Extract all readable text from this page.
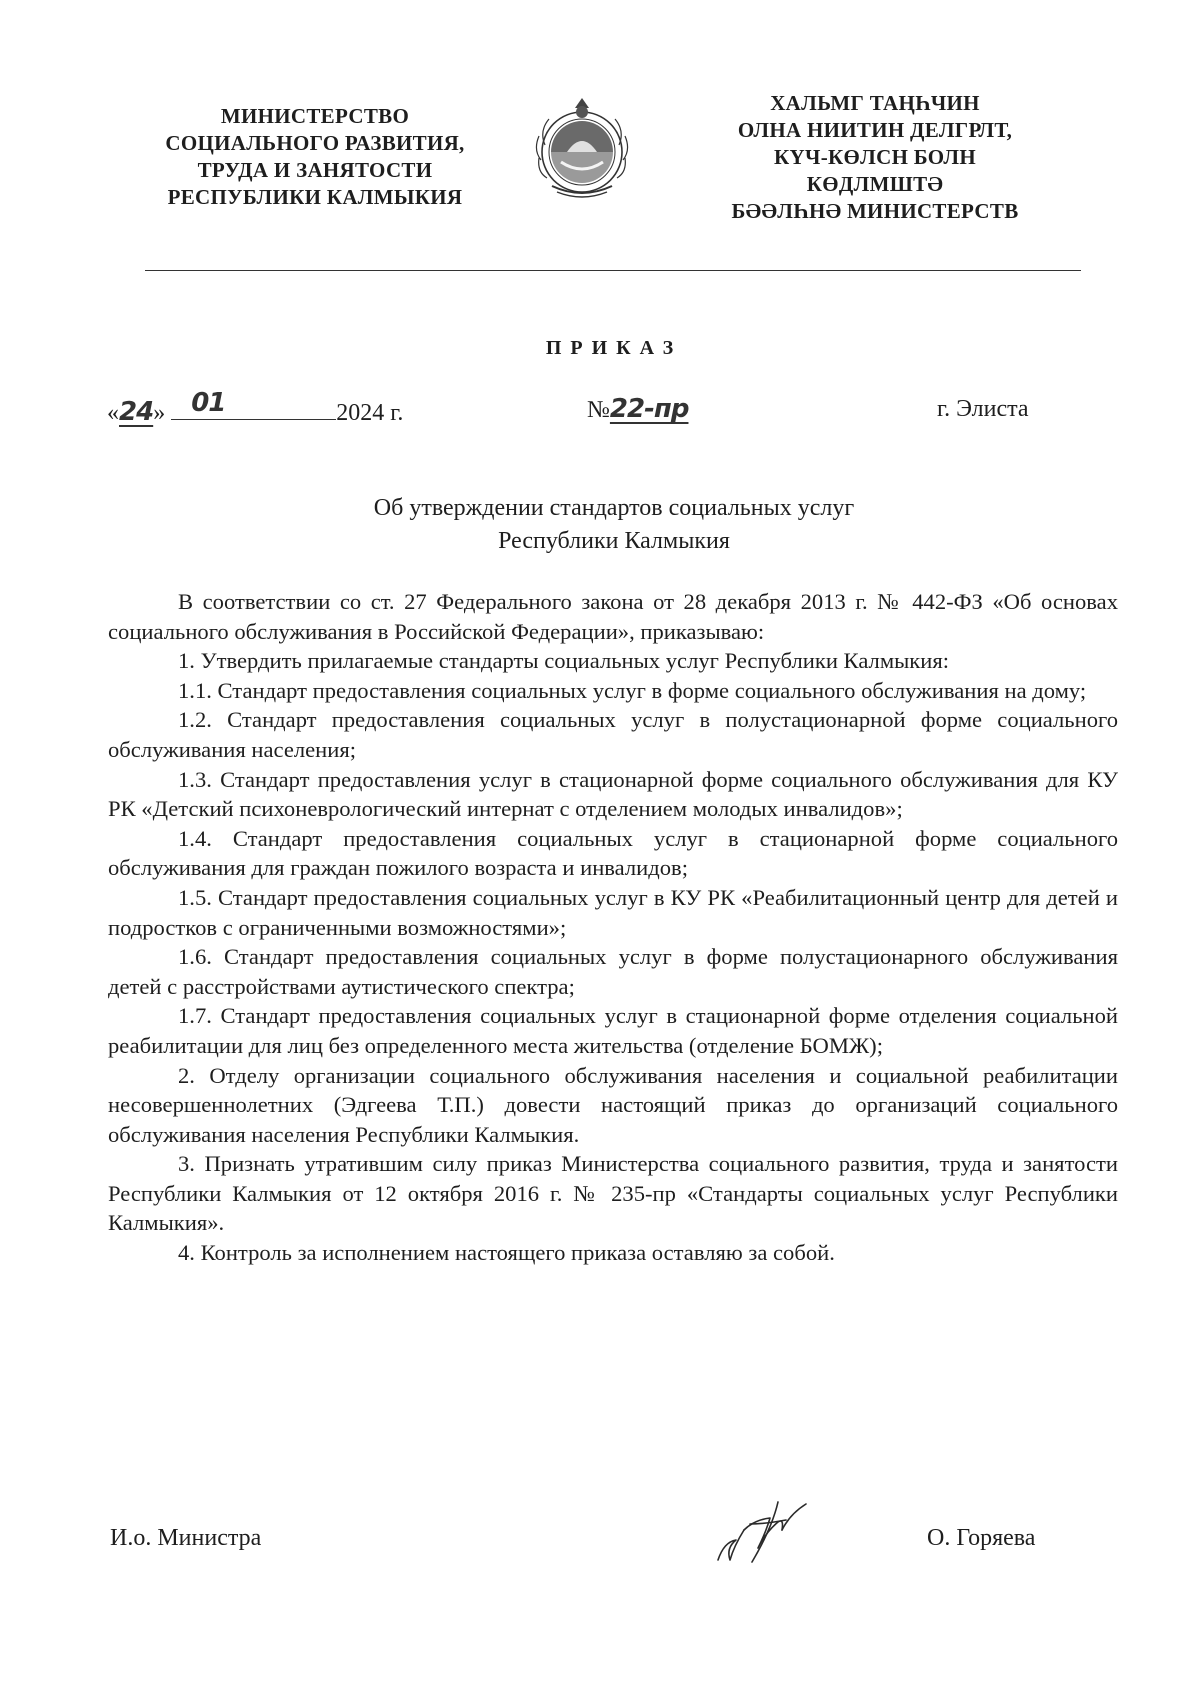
МИНИСТЕРСТВО
СОЦИАЛЬНОГО РАЗВИТИЯ,
ТРУДА И ЗАНЯТОСТИ
РЕСПУБЛИКИ КАЛМЫКИЯ
ХАЛЬМГ ТАҢҺЧИН
ОЛНА НИИТИН ДЕЛГРЛТ,
КҮЧ-КӨЛСН БОЛН
КӨДЛМШТӘ
БӘӘЛҺНӘ МИНИСТЕРСТВ
ПРИКАЗ
«24» 01	2024 г.	№22-пр	г. Элиста
Об утверждении стандартов социальных услуг
Республики Калмыкия

В соответствии со ст. 27 Федерального закона от 28 декабря 2013 г. № 442-ФЗ «Об основах социального обслуживания в Российской Федерации», приказываю:

1. Утвердить прилагаемые стандарты социальных услуг Республики Калмыкия:

1.1. Стандарт предоставления социальных услуг в форме социального обслуживания на дому;

1.2. Стандарт предоставления социальных услуг в полустационарной форме социального обслуживания населения;

1.3. Стандарт предоставления услуг в стационарной форме социального обслуживания для КУ РК «Детский психоневрологический интернат с отделением молодых инвалидов»;

1.4. Стандарт предоставления социальных услуг в стационарной форме социального обслуживания для граждан пожилого возраста и инвалидов;

1.5. Стандарт предоставления социальных услуг в КУ РК «Реабилитационный центр для детей и подростков с ограниченными возможностями»;

1.6. Стандарт предоставления социальных услуг в форме полустационарного обслуживания детей с расстройствами аутистического спектра;

1.7. Стандарт предоставления социальных услуг в стационарной форме отделения социальной реабилитации для лиц без определенного места жительства (отделение БОМЖ);

2. Отделу организации социального обслуживания населения и социальной реабилитации несовершеннолетних (Эдгеева Т.П.) довести настоящий приказ до организаций социального обслуживания населения Республики Калмыкия.

3. Признать утратившим силу приказ Министерства социального развития, труда и занятости Республики Калмыкия от 12 октября 2016 г. № 235-пр «Стандарты социальных услуг Республики Калмыкия».

4. Контроль за исполнением настоящего приказа оставляю за собой.

И.о. Министра	О. Горяева
